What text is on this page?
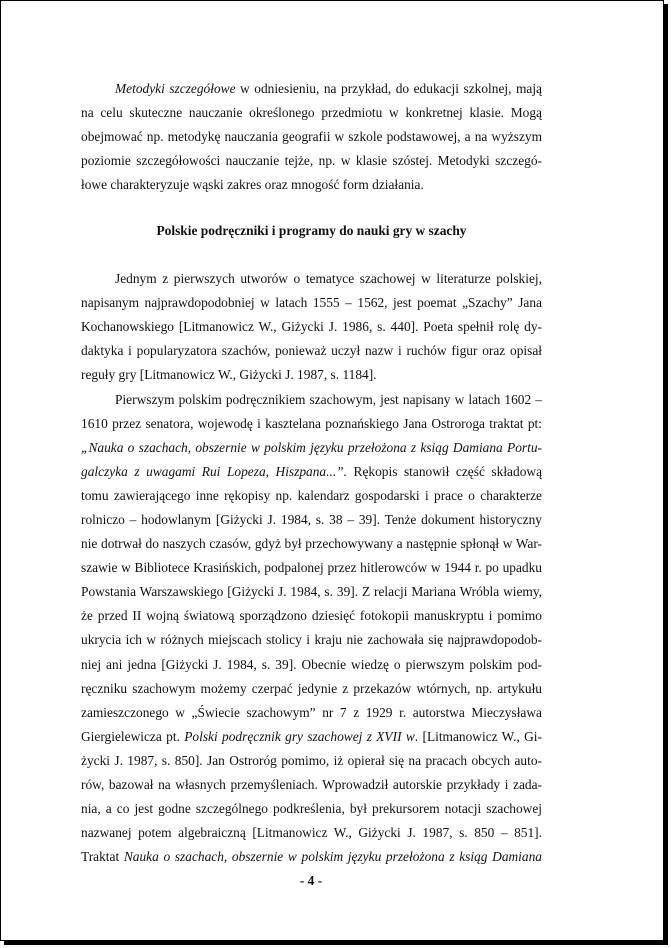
Metodyki szczegółowe w odniesieniu, na przykład, do edukacji szkolnej, mają
na celu skuteczne nauczanie określonego przedmiotu w konkretnej klasie. Mogą
obejmować np. metodykę nauczania geografii w szkole podstawowej, a na wyższym
poziomie szczegółowości nauczanie tejże, np. w klasie szóstej. Metodyki szczegó-
łowe charakteryzuje wąski zakres oraz mnogość form działania.
Polskie podręczniki i programy do nauki gry w szachy
Jednym z pierwszych utworów o tematyce szachowej w literaturze polskiej,
napisanym najprawdopodobniej w latach 1555 – 1562, jest poemat „Szachy” Jana
Kochanowskiego [Litmanowicz W., Giżycki J. 1986, s. 440]. Poeta spełnił rolę dy-
daktyka i popularyzatora szachów, ponieważ uczył nazw i ruchów figur oraz opisał
reguły gry [Litmanowicz W., Giżycki J. 1987, s. 1184].
Pierwszym polskim podręcznikiem szachowym, jest napisany w latach 1602 –
1610 przez senatora, wojewodę i kasztelana poznańskiego Jana Ostroroga traktat pt:
„Nauka o szachach, obszernie w polskim języku przełożona z ksiąg Damiana Portu-
galczyka z uwagami Rui Lopeza, Hiszpana...”. Rękopis stanowił część składową
tomu zawierającego inne rękopisy np. kalendarz gospodarski i prace o charakterze
rolniczo – hodowlanym [Giżycki J. 1984, s. 38 – 39]. Tenże dokument historyczny
nie dotrwał do naszych czasów, gdyż był przechowywany a następnie spłonął w War-
szawie w Bibliotece Krasińskich, podpalonej przez hitlerowców w 1944 r. po upadku
Powstania Warszawskiego [Giżycki J. 1984, s. 39]. Z relacji Mariana Wróbla wiemy,
że przed II wojną światową sporządzono dziesięć fotokopii manuskryptu i pomimo
ukrycia ich w różnych miejscach stolicy i kraju nie zachowała się najprawdopodob-
niej ani jedna [Giżycki J. 1984, s. 39]. Obecnie wiedzę o pierwszym polskim pod-
ręczniku szachowym możemy czerpać jedynie z przekazów wtórnych, np. artykułu
zamieszczonego w „Świecie szachowym” nr 7 z 1929 r. autorstwa Mieczysława
Giergielewicza pt. Polski podręcznik gry szachowej z XVII w. [Litmanowicz W., Gi-
życki J. 1987, s. 850]. Jan Ostroróg pomimo, iż opierał się na pracach obcych auto-
rów, bazował na własnych przemyśleniach. Wprowadził autorskie przykłady i zada-
nia, a co jest godne szczególnego podkreślenia, był prekursorem notacji szachowej
nazwanej potem algebraiczną [Litmanowicz W., Giżycki J. 1987, s. 850 – 851].
Traktat Nauka o szachach, obszernie w polskim języku przełożona z ksiąg Damiana
- 4 -
